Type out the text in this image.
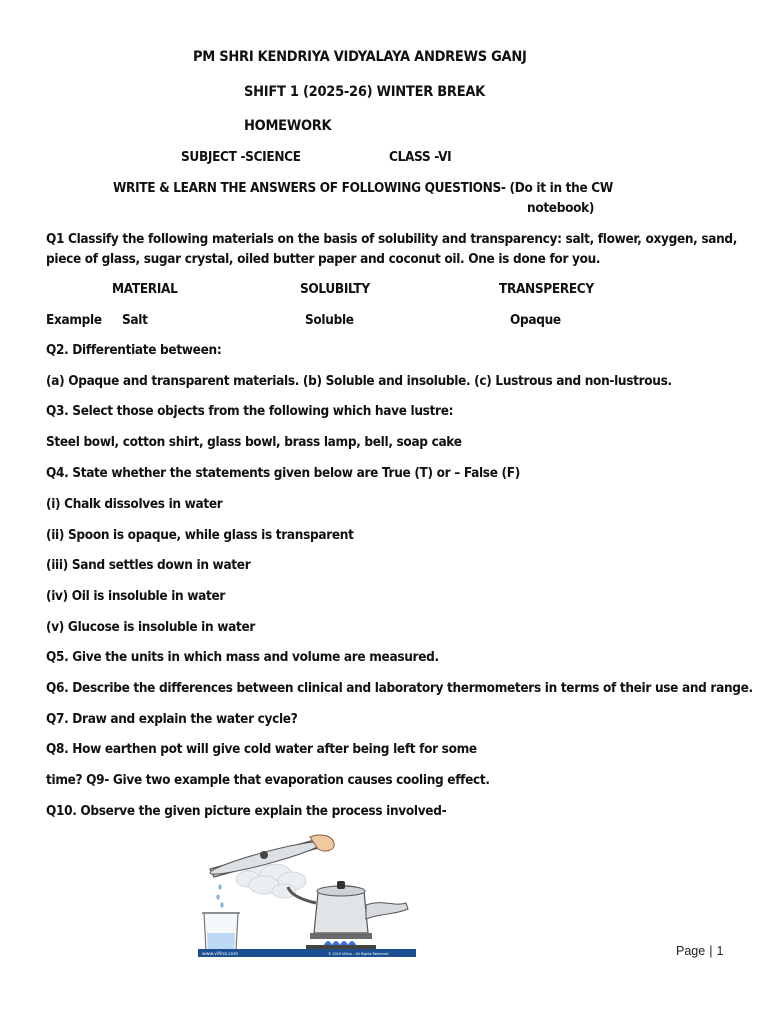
PM SHRI KENDRIYA VIDYALAYA ANDREWS GANJ
SHIFT 1 (2025-26) WINTER BREAK
HOMEWORK
SUBJECT -SCIENCE	CLASS -VI
WRITE & LEARN THE ANSWERS OF FOLLOWING QUESTIONS- (Do it in the CW
notebook)
Q1 Classify the following materials on the basis of solubility and transparency: salt, flower, oxygen, sand,
piece of glass, sugar crystal, oiled butter paper and coconut oil. One is done for you.
MATERIAL	SOLUBILTY	TRANSPERECY
Example Salt	Soluble	Opaque
Q2. Differentiate between:
(a) Opaque and transparent materials. (b) Soluble and insoluble. (c) Lustrous and non-lustrous.
Q3. Select those objects from the following which have lustre:
Steel bowl, cotton shirt, glass bowl, brass lamp, bell, soap cake
Q4. State whether the statements given below are True (T) or – False (F)
(i) Chalk dissolves in water
(ii) Spoon is opaque, while glass is transparent
(iii) Sand settles down in water
(iv) Oil is insoluble in water
(v) Glucose is insoluble in water
Q5. Give the units in which mass and volume are measured.
Q6. Describe the differences between clinical and laboratory thermometers in terms of their use and range.
Q7. Draw and explain the water cycle?
Q8. How earthen pot will give cold water after being left for some
time? Q9- Give two example that evaporation causes cooling effect.
Q10. Observe the given picture explain the process involved-
www.vifina.com	© 2019 Vifina – All Rights Reserved	Page | 1
